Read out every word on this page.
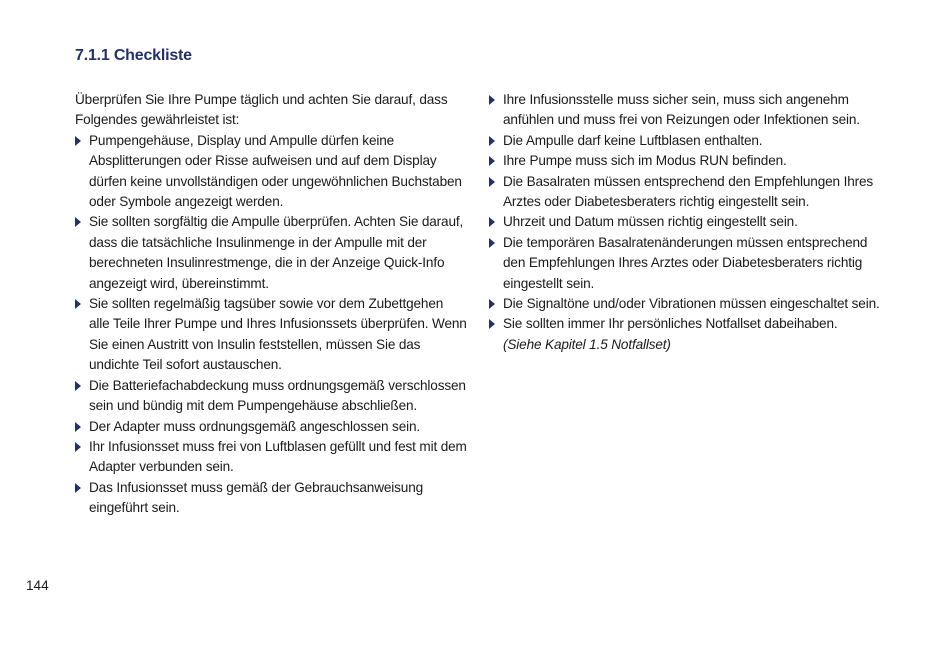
7.1.1 Checkliste

Überprüfen Sie Ihre Pumpe täglich und achten Sie darauf, dass Folgendes gewährleistet ist:

Pumpengehäuse, Display und Ampulle dürfen keine Absplitterungen oder Risse aufweisen und auf dem Display dürfen keine unvollständigen oder ungewöhnlichen Buchstaben oder Symbole angezeigt werden.
Sie sollten sorgfältig die Ampulle überprüfen. Achten Sie darauf, dass die tatsächliche Insulinmenge in der Ampulle mit der berechneten Insulinrestmenge, die in der Anzeige Quick-Info angezeigt wird, übereinstimmt.
Sie sollten regelmäßig tagsüber sowie vor dem Zubettgehen alle Teile Ihrer Pumpe und Ihres Infusionssets überprüfen. Wenn Sie einen Austritt von Insulin feststellen, müssen Sie das undichte Teil sofort austauschen.
Die Batteriefachabdeckung muss ordnungsgemäß verschlossen sein und bündig mit dem Pumpengehäuse abschließen.
Der Adapter muss ordnungsgemäß angeschlossen sein.
Ihr Infusionsset muss frei von Luftblasen gefüllt und fest mit dem Adapter verbunden sein.
Das Infusionsset muss gemäß der Gebrauchsanweisung eingeführt sein.
Ihre Infusionsstelle muss sicher sein, muss sich angenehm anfühlen und muss frei von Reizungen oder Infektionen sein.
Die Ampulle darf keine Luftblasen enthalten.
Ihre Pumpe muss sich im Modus RUN befinden.
Die Basalraten müssen entsprechend den Empfehlungen Ihres Arztes oder Diabetesberaters richtig eingestellt sein.
Uhrzeit und Datum müssen richtig eingestellt sein.
Die temporären Basalratenänderungen müssen entsprechend den Empfehlungen Ihres Arztes oder Diabetesberaters richtig eingestellt sein.
Die Signaltöne und/oder Vibrationen müssen eingeschaltet sein.
Sie sollten immer Ihr persönliches Notfallset dabeihaben.
(Siehe Kapitel 1.5 Notfallset)
144
